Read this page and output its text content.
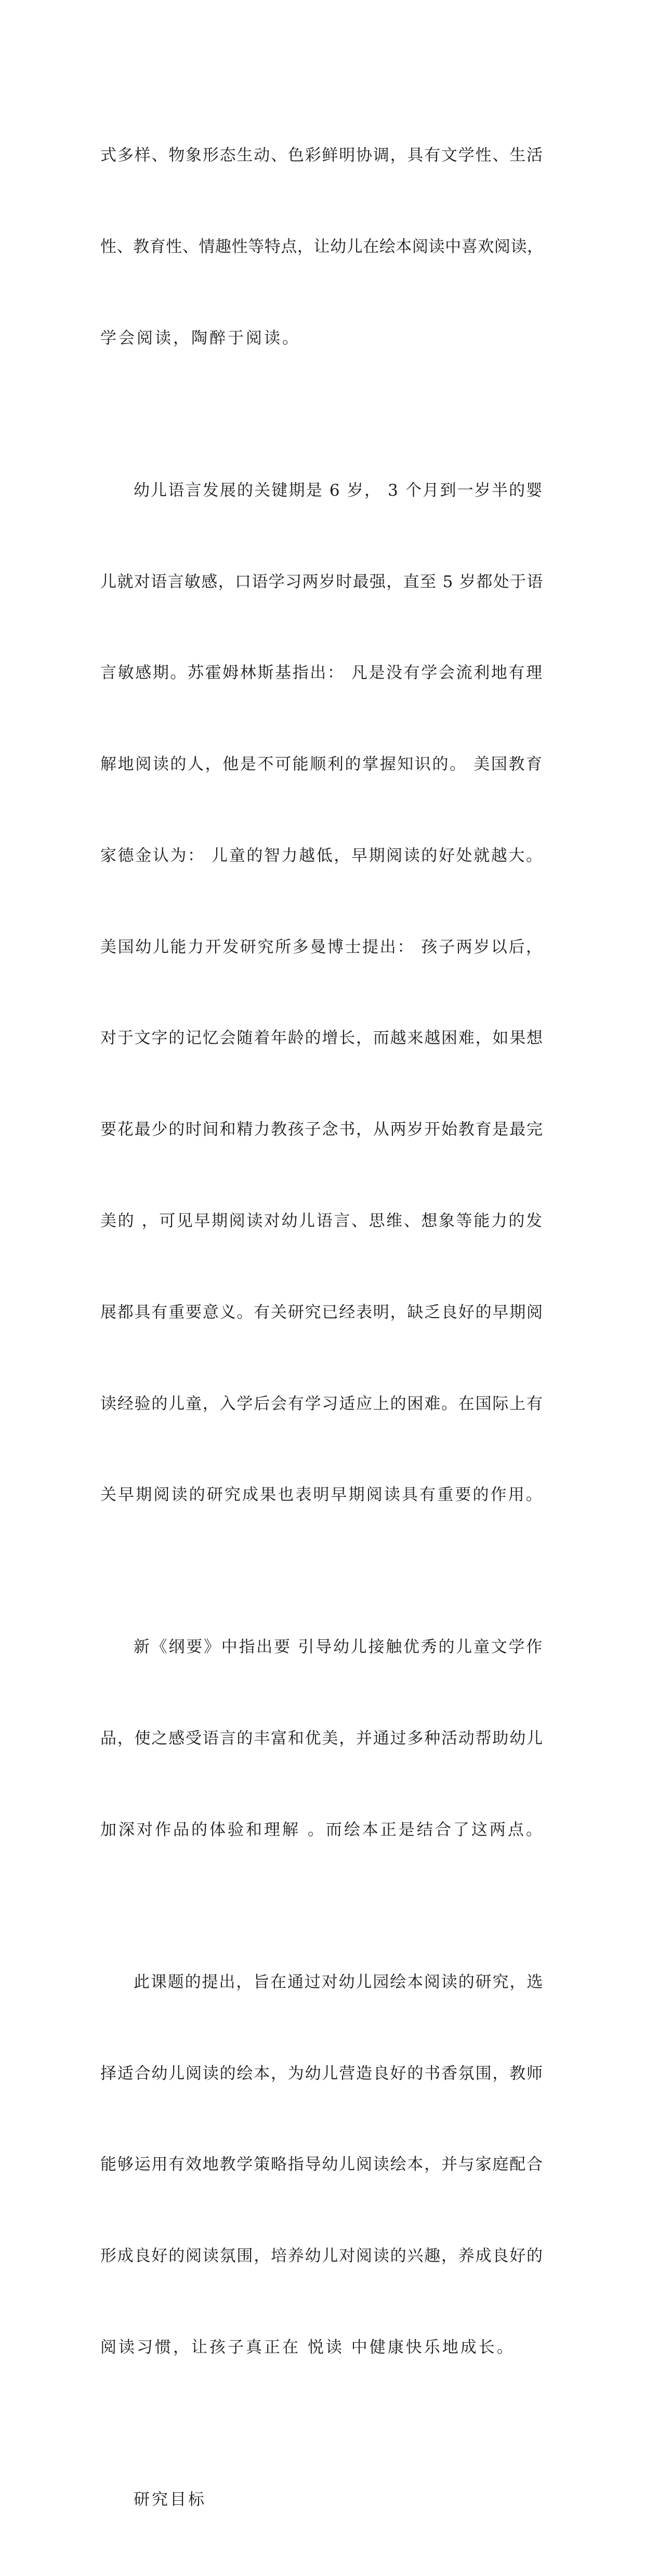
式多样、物象形态生动、色彩鲜明协调，具有文学性、生活

性、教育性、情趣性等特点，让幼儿在绘本阅读中喜欢阅读，

学会阅读，陶醉于阅读。

幼儿语言发展的关键期是 6 岁， 3 个月到一岁半的婴

儿就对语言敏感，口语学习两岁时最强，直至 5 岁都处于语

言敏感期。苏霍姆林斯基指出： 凡是没有学会流利地有理

解地阅读的人，他是不可能顺利的掌握知识的。 美国教育

家德金认为： 儿童的智力越低，早期阅读的好处就越大。

美国幼儿能力开发研究所多曼博士提出： 孩子两岁以后，

对于文字的记忆会随着年龄的增长，而越来越困难，如果想

要花最少的时间和精力教孩子念书，从两岁开始教育是最完

美的 ，可见早期阅读对幼儿语言、思维、想象等能力的发

展都具有重要意义。有关研究已经表明，缺乏良好的早期阅

读经验的儿童，入学后会有学习适应上的困难。在国际上有

关早期阅读的研究成果也表明早期阅读具有重要的作用。

新《纲要》中指出要 引导幼儿接触优秀的儿童文学作

品，使之感受语言的丰富和优美，并通过多种活动帮助幼儿

加深对作品的体验和理解 。而绘本正是结合了这两点。

此课题的提出，旨在通过对幼儿园绘本阅读的研究，选

择适合幼儿阅读的绘本，为幼儿营造良好的书香氛围，教师

能够运用有效地教学策略指导幼儿阅读绘本，并与家庭配合

形成良好的阅读氛围，培养幼儿对阅读的兴趣，养成良好的

阅读习惯，让孩子真正在 悦读 中健康快乐地成长。

研究目标
